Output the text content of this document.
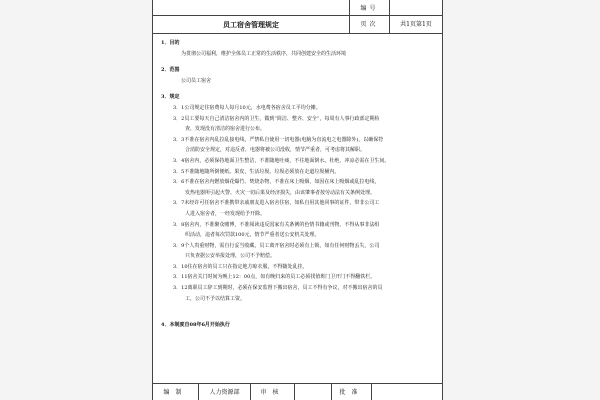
员工宿舍管理规定
编号
页次	共1页第1页
1．目的
为贯彻公司福利，维护全体员工正常的生活秩序，共同创建安全的生活环境
2．范围
公司员工宿舍
3．规定
3．1公司规定住宿费每人每月10元，水电费各宿舍员工平均分摊。
3．2员工要每天自己清洁宿舍内的卫生，做到“简洁、整齐、安全”，每周有人事行政部定期检
查，发现没有清洁的宿舍进行公布。
3．3不准在宿舍内乱拉乱接电线，严禁私自使用一切电器(电脑为直流电之电器除外)，以确保符
合消防安全规定，对违反者，电器将被公司没收，情节严重者，可考虑将其解职。
3．4宿舍内，必须保持地面卫生整洁，不准随地吐痰，不往地面倒水、杜绝，冲凉必需在卫生间。
3．5不准随地随所倒便纸、果皮，生活垃圾，垃圾必须放在走道垃圾桶内。
3．6不准在宿舍内燃放烟花爆竹、焚烧杂物，不准在床上吸烟，如因在床上吸烟或乱拉电线，
发热电器所引起火警、火灾一切后果及经济损失，由该肇事者按劳动法有关条例处理。
3．7未经许可任宿舍不准携带亲戚朋友进入宿舍住宿，如私自用其他同事的证件，带非公司工
人进入宿舍者，一经发现给予开除。
3．8宿舍内，不准聚众赌博，不准阅读违反国家有关条例的色情书籍或刊物，不得从事非法组
织活动，违者每次罚款100元，情节严重者送公安机关处理。
3．9个人贵重财物，需自行妥当收藏，员工离开宿舍时必须有上锁，如有任何财物丢失，公司
只负查据公安举报处理，公司不予赔偿。
3．10住在宿舍的员工只在指定地方晾衣服，不得随处乱挂。
3．11宿舍关门时间为晚上12：00点，如有晚归来的员工必须找值班门卫开门不得翻铁栏。
3．12离职员工辞工到期时，必须在保安监督下搬出宿舍，员工不得有争议，对不搬出宿舍的员
工，公司不予以结算工资。
4．本制度自08年6月开始执行
编制	人力资源部	审核	批准
